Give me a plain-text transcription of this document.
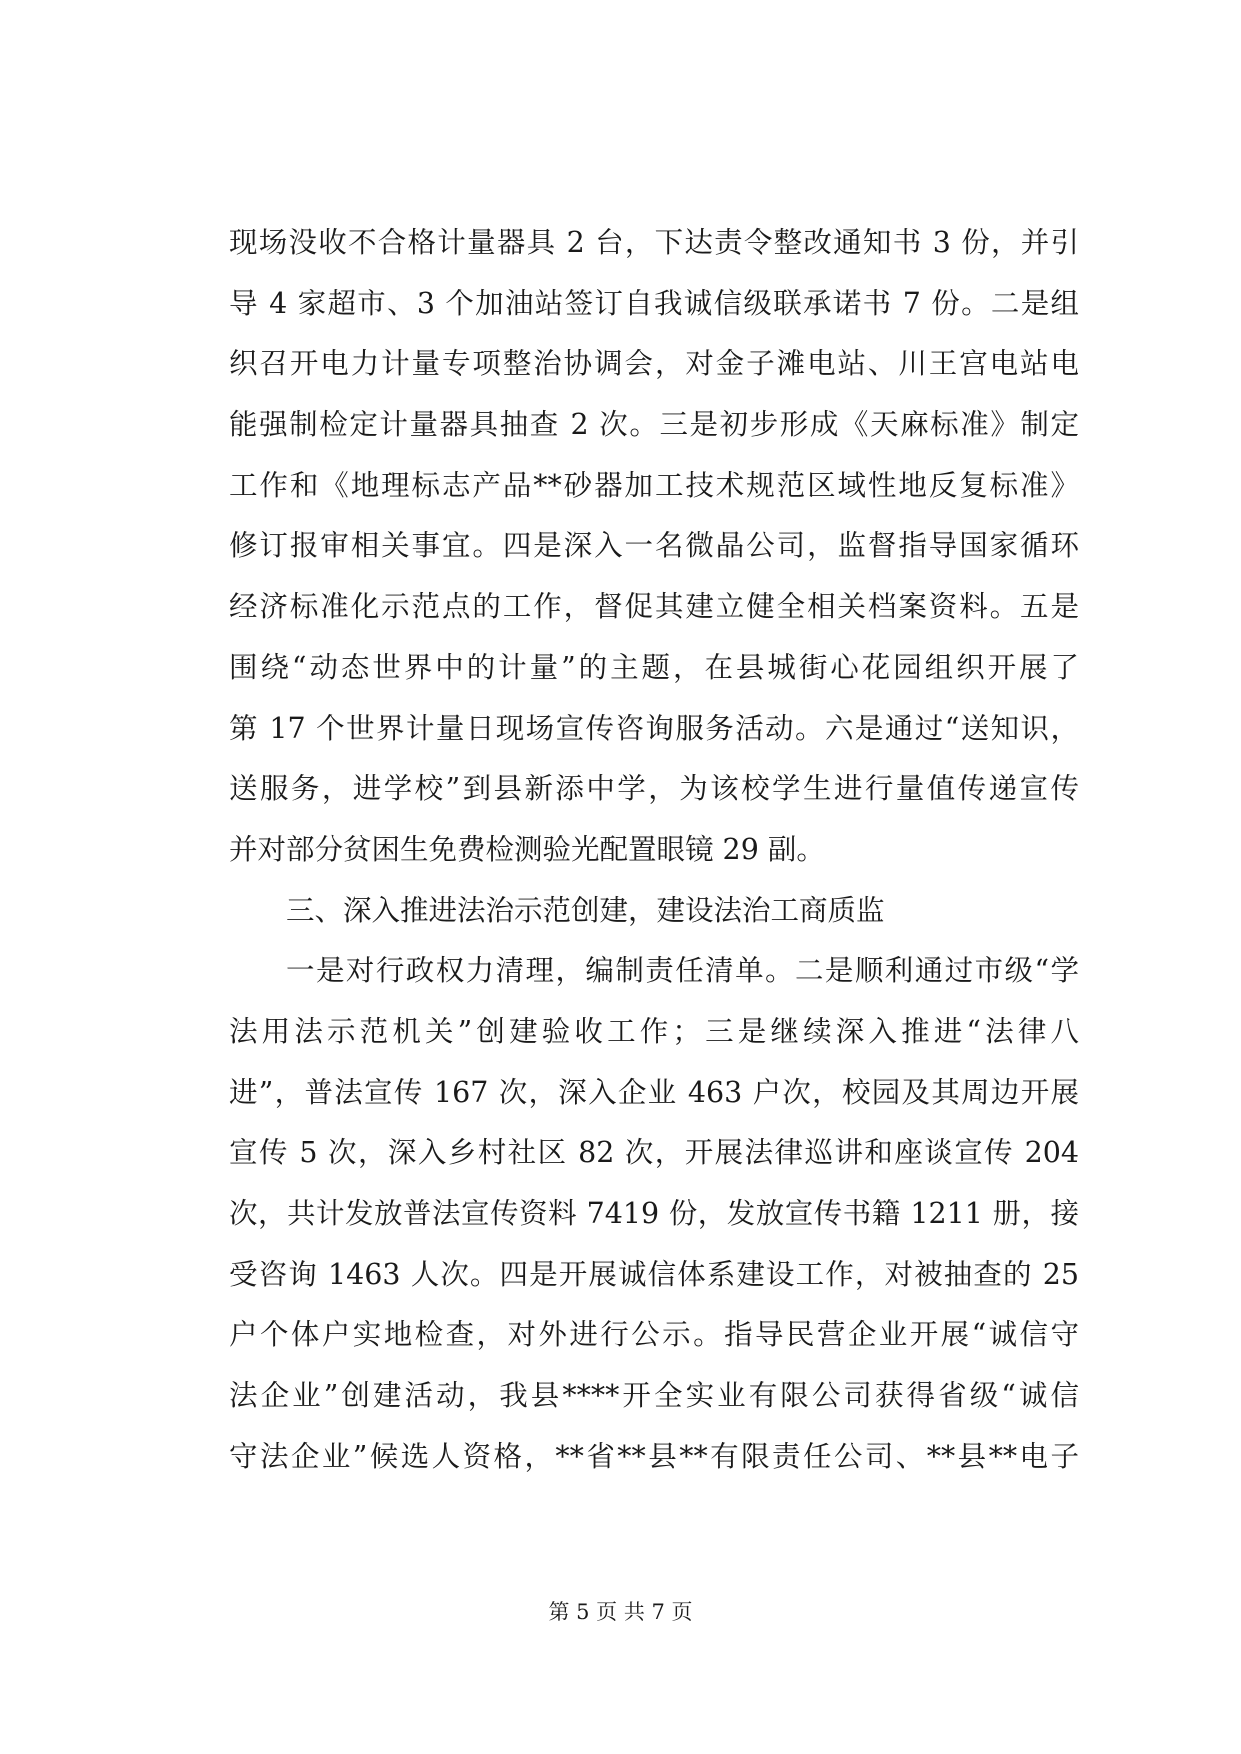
现场没收不合格计量器具 2 台，下达责令整改通知书 3 份，并引
导 4 家超市、3 个加油站签订自我诚信级联承诺书 7 份。二是组
织召开电力计量专项整治协调会，对金子滩电站、川王宫电站电
能强制检定计量器具抽查 2 次。三是初步形成《天麻标准》制定
工作和《地理标志产品**砂器加工技术规范区域性地反复标准》
修订报审相关事宜。四是深入一名微晶公司，监督指导国家循环
经济标准化示范点的工作，督促其建立健全相关档案资料。五是
围绕“动态世界中的计量”的主题，在县城街心花园组织开展了
第 17 个世界计量日现场宣传咨询服务活动。六是通过“送知识，
送服务，进学校”到县新添中学，为该校学生进行量值传递宣传
并对部分贫困生免费检测验光配置眼镜 29 副。
三、深入推进法治示范创建，建设法治工商质监
一是对行政权力清理，编制责任清单。二是顺利通过市级“学
法用法示范机关”创建验收工作；三是继续深入推进“法律八
进”，普法宣传 167 次，深入企业 463 户次，校园及其周边开展
宣传 5 次，深入乡村社区 82 次，开展法律巡讲和座谈宣传 204
次，共计发放普法宣传资料 7419 份，发放宣传书籍 1211 册，接
受咨询 1463 人次。四是开展诚信体系建设工作，对被抽查的 25
户个体户实地检查，对外进行公示。指导民营企业开展“诚信守
法企业”创建活动，我县****开全实业有限公司获得省级“诚信
守法企业”候选人资格，**省**县**有限责任公司、**县**电子
第 5 页 共 7 页
